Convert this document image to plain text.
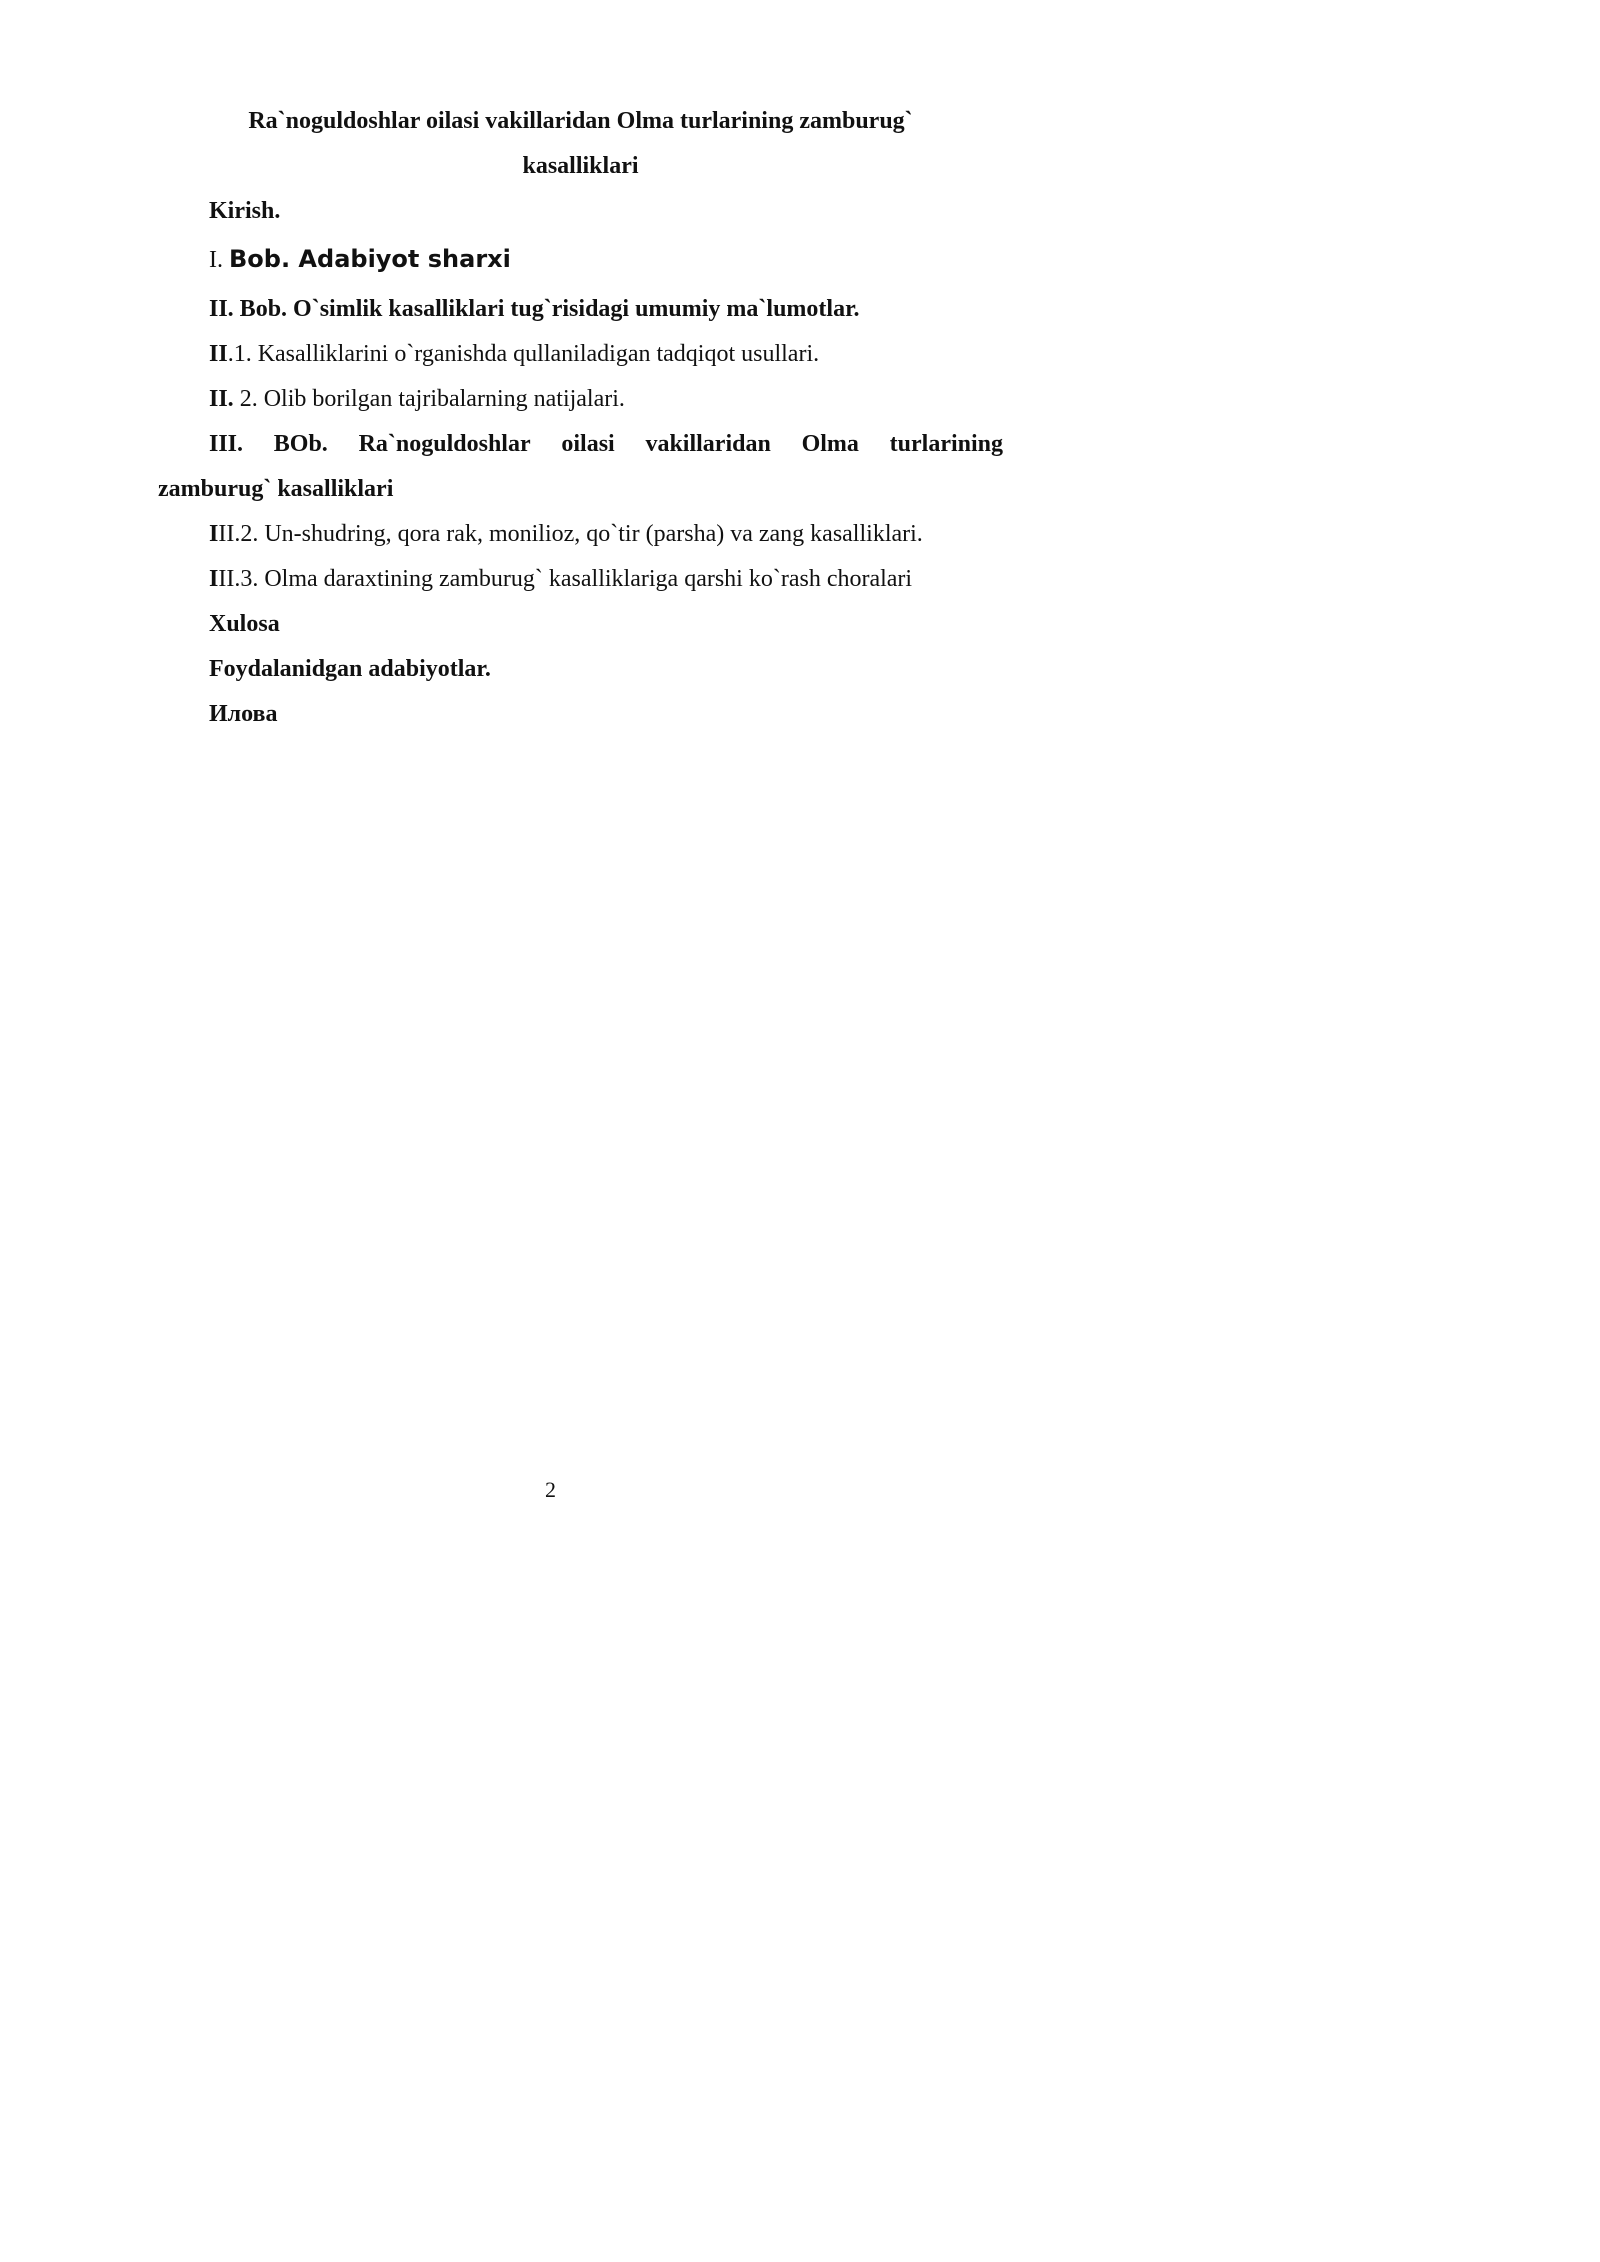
Ra`noguldoshlar oilasi vakillaridan Olma turlarining zamburug`
kasalliklari
Kirish.
I. Bob. Adabiyot sharxi
II. Bob. O`simlik kasalliklari tug`risidagi umumiy ma`lumotlar.
II.1. Kasalliklarini o`rganishda qullaniladigan tadqiqot usullari.
II. 2. Olib borilgan tajribalarning natijalari.
III. BOb. Ra`noguldoshlar oilasi vakillaridan Olma turlarining
zamburug` kasalliklari
III.2. Un-shudring, qora rak, monilioz, qo`tir (parsha) va zang kasalliklari.
III.3. Olma daraxtining zamburug` kasalliklariga qarshi ko`rash choralari
Xulosa
Foydalanidgan adabiyotlar.
Илова
2
